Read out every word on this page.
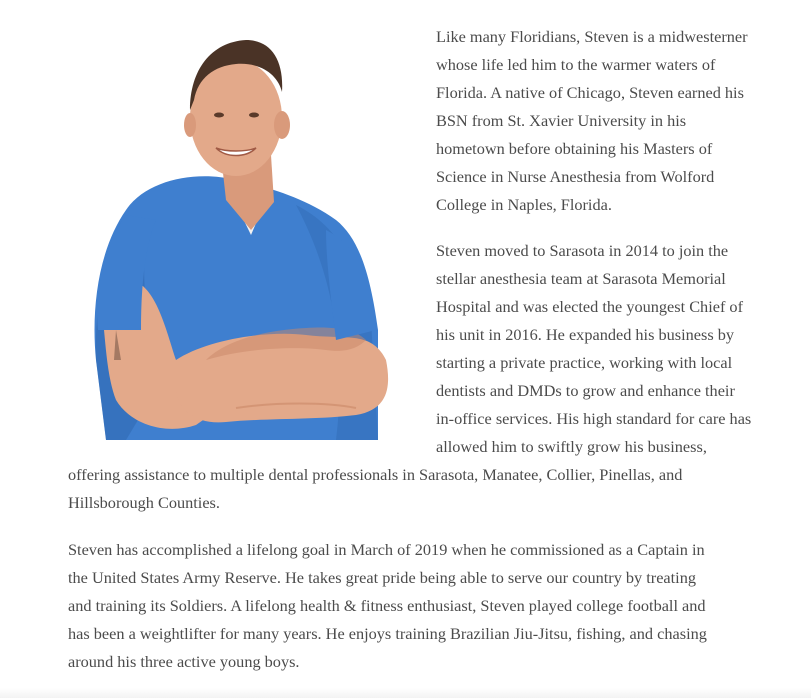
Like many Floridians, Steven is a midwesterner
whose life led him to the warmer waters of
Florida. A native of Chicago, Steven earned his
BSN from St. Xavier University in his
hometown before obtaining his Masters of
Science in Nurse Anesthesia from Wolford
College in Naples, Florida.
Steven moved to Sarasota in 2014 to join the
stellar anesthesia team at Sarasota Memorial
Hospital and was elected the youngest Chief of
his unit in 2016. He expanded his business by
starting a private practice, working with local
dentists and DMDs to grow and enhance their
in-office services. His high standard for care has
allowed him to swiftly grow his business,
offering assistance to multiple dental professionals in Sarasota, Manatee, Collier, Pinellas, and
Hillsborough Counties.
Steven has accomplished a lifelong goal in March of 2019 when he commissioned as a Captain in
the United States Army Reserve. He takes great pride being able to serve our country by treating
and training its Soldiers. A lifelong health & fitness enthusiast, Steven played college football and
has been a weightlifter for many years. He enjoys training Brazilian Jiu-Jitsu, fishing, and chasing
around his three active young boys.
